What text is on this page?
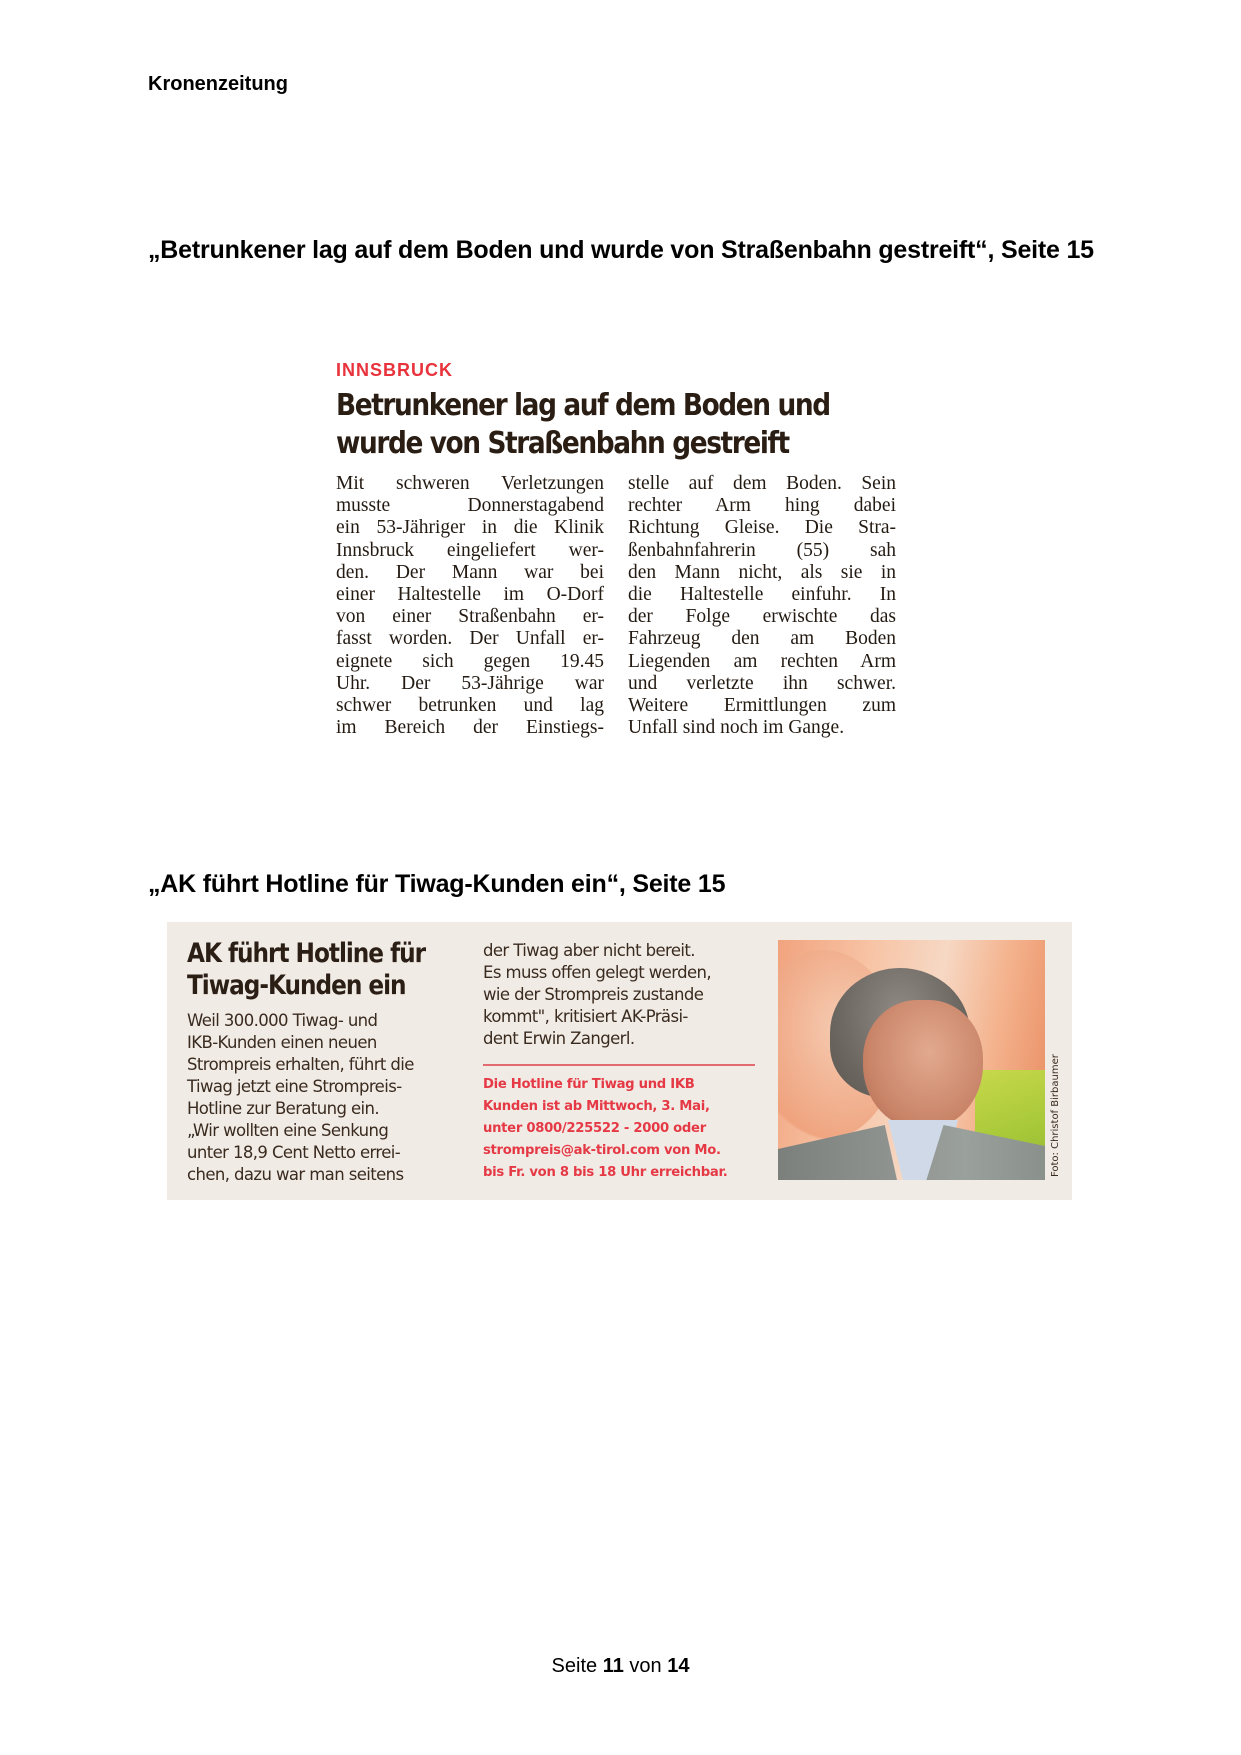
Kronenzeitung
„Betrunkener lag auf dem Boden und wurde von Straßenbahn gestreift“, Seite 15
INNSBRUCK
Betrunkener lag auf dem Boden und
wurde von Straßenbahn gestreift
Mit schweren Verletzungen
musste Donnerstagabend
ein 53-Jähriger in die Klinik
Innsbruck eingeliefert wer-
den. Der Mann war bei
einer Haltestelle im O-Dorf
von einer Straßenbahn er-
fasst worden. Der Unfall er-
eignete sich gegen 19.45
Uhr. Der 53-Jährige war
schwer betrunken und lag
im Bereich der Einstiegs-
stelle auf dem Boden. Sein
rechter Arm hing dabei
Richtung Gleise. Die Stra-
ßenbahnfahrerin (55) sah
den Mann nicht, als sie in
die Haltestelle einfuhr. In
der Folge erwischte das
Fahrzeug den am Boden
Liegenden am rechten Arm
und verletzte ihn schwer.
Weitere Ermittlungen zum
Unfall sind noch im Gange.
„AK führt Hotline für Tiwag-Kunden ein“, Seite 15
AK führt Hotline für
Tiwag-Kunden ein
Weil 300.000 Tiwag- und
IKB-Kunden einen neuen
Strompreis erhalten, führt die
Tiwag jetzt eine Strompreis-
Hotline zur Beratung ein.
„Wir wollten eine Senkung
unter 18,9 Cent Netto errei-
chen, dazu war man seitens
der Tiwag aber nicht bereit.
Es muss offen gelegt werden,
wie der Strompreis zustande
kommt", kritisiert AK-Präsi-
dent Erwin Zangerl.
Die Hotline für Tiwag und IKB
Kunden ist ab Mittwoch, 3. Mai,
unter 0800/225522 - 2000 oder
strompreis@ak-tirol.com von Mo.
bis Fr. von 8 bis 18 Uhr erreichbar.	Foto: Christof Birbaumer
Seite 11 von 14
